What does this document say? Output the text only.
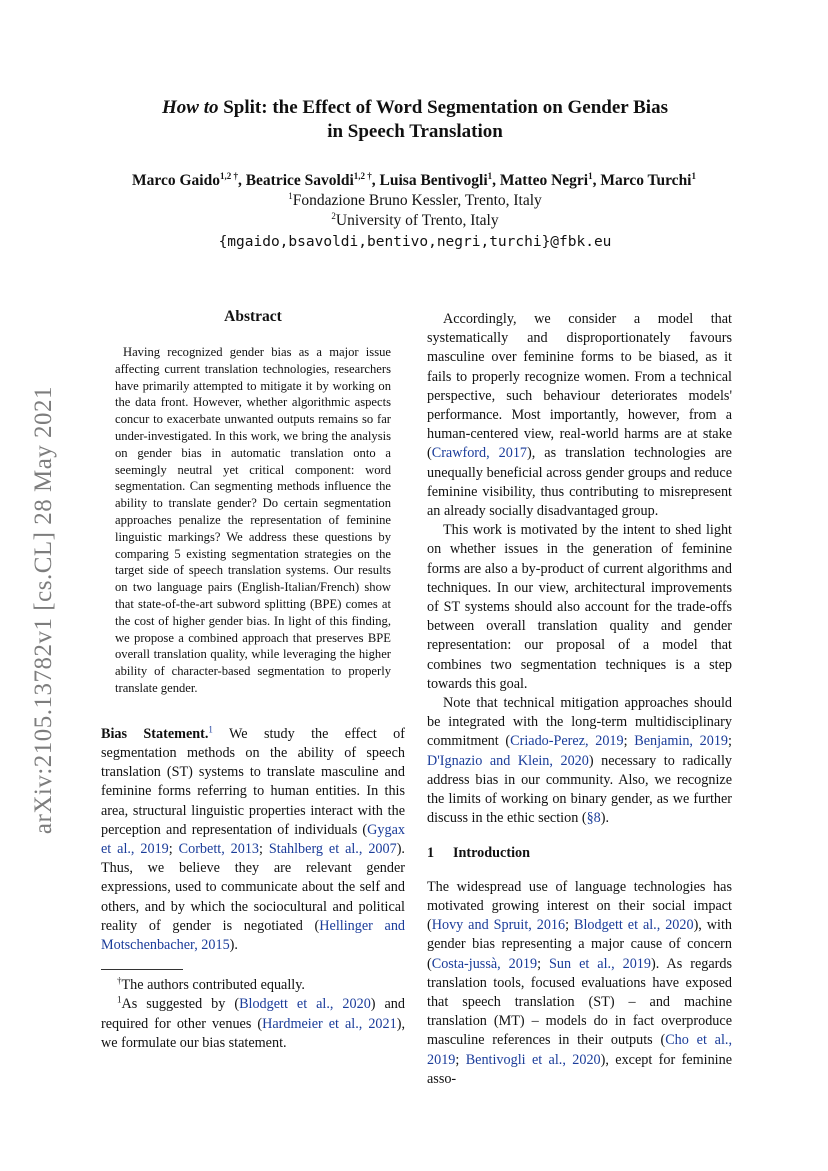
arXiv:2105.13782v1 [cs.CL] 28 May 2021
How to Split: the Effect of Word Segmentation on Gender Bias
in Speech Translation
Marco Gaido$^{1,2 \dagger}$, Beatrice Savoldi$^{1,2 \dagger}$, Luisa Bentivogli$^1$, Matteo Negri$^1$, Marco Turchi$^1$
$^1$Fondazione Bruno Kessler, Trento, Italy
$^2$University of Trento, Italy
{mgaido,bsavoldi,bentivo,negri,turchi}@fbk.eu
Abstract
Having recognized gender bias as a major issue affecting current translation technologies, researchers have primarily attempted to mitigate it by working on the data front. However, whether algorithmic aspects concur to exacerbate unwanted outputs remains so far under-investigated. In this work, we bring the analysis on gender bias in automatic translation onto a seemingly neutral yet critical component: word segmentation. Can segmenting methods influence the ability to translate gender? Do certain segmentation approaches penalize the representation of feminine linguistic markings? We address these questions by comparing 5 existing segmentation strategies on the target side of speech translation systems. Our results on two language pairs (English-Italian/French) show that state-of-the-art subword splitting (BPE) comes at the cost of higher gender bias. In light of this finding, we propose a combined approach that preserves BPE overall translation quality, while leveraging the higher ability of character-based segmentation to properly translate gender.

Bias Statement.$^1$ We study the effect of segmentation methods on the ability of speech translation (ST) systems to translate masculine and feminine forms referring to human entities. In this area, structural linguistic properties interact with the perception and representation of individuals (Gygax et al., 2019; Corbett, 2013; Stahlberg et al., 2007). Thus, we believe they are relevant gender expressions, used to communicate about the self and others, and by which the sociocultural and political reality of gender is negotiated (Hellinger and Motschenbacher, 2015).

†The authors contributed equally.

$^1$As suggested by (Blodgett et al., 2020) and required for other venues (Hardmeier et al., 2021), we formulate our bias statement.

Accordingly, we consider a model that systematically and disproportionately favours masculine over feminine forms to be biased, as it fails to properly recognize women. From a technical perspective, such behaviour deteriorates models' performance. Most importantly, however, from a human-centered view, real-world harms are at stake (Crawford, 2017), as translation technologies are unequally beneficial across gender groups and reduce feminine visibility, thus contributing to misrepresent an already socially disadvantaged group.

This work is motivated by the intent to shed light on whether issues in the generation of feminine forms are also a by-product of current algorithms and techniques. In our view, architectural improvements of ST systems should also account for the trade-offs between overall translation quality and gender representation: our proposal of a model that combines two segmentation techniques is a step towards this goal.

Note that technical mitigation approaches should be integrated with the long-term multidisciplinary commitment (Criado-Perez, 2019; Benjamin, 2019; D'Ignazio and Klein, 2020) necessary to radically address bias in our community. Also, we recognize the limits of working on binary gender, as we further discuss in the ethic section (§8).

1 Introduction

The widespread use of language technologies has motivated growing interest on their social impact (Hovy and Spruit, 2016; Blodgett et al., 2020), with gender bias representing a major cause of concern (Costa-jussà, 2019; Sun et al., 2019). As regards translation tools, focused evaluations have exposed that speech translation (ST) – and machine translation (MT) – models do in fact overproduce masculine references in their outputs (Cho et al., 2019; Bentivogli et al., 2020), except for feminine asso-
